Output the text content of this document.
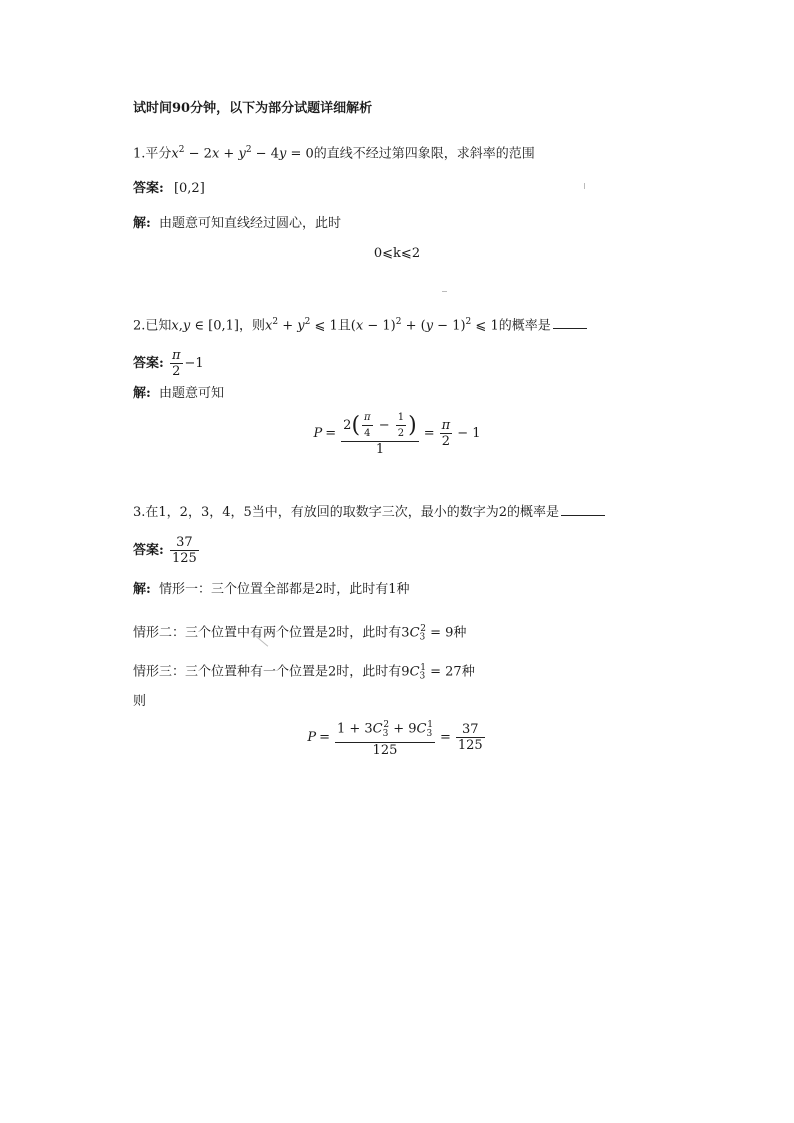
试时间90分钟，以下为部分试题详细解析
1.平分$x^2 - 2x + y^2 - 4y = 0$的直线不经过第四象限，求斜率的范围
答案: [0,2]
解: 由题意可知直线经过圆心，此时
0⩽k⩽2
2.已知x,y ∈ [0,1]，则$x^2 + y^2$ ⩽ 1且$(x - 1)^2 + (y - 1)^2$ ⩽ 1的概率是
答案: $\frac{\pi}{2} -1$
解: 由题意可知
$P = \frac{2( \frac{\pi}{4} - \frac{1}{2} )}{1} = \frac{\pi}{2} - 1$
3.在1，2，3，4，5当中，有放回的取数字三次，最小的数字为2的概率是
答案: $\frac{37}{125}$
解: 情形一：三个位置全部都是2时，此时有1种
情形二：三个位置中有两个位置是2时，此时有$3C_3^2 = 9$种
情形三：三个位置种有一个位置是2时，此时有$9C_3^1 = 27$种
则
$P = \frac{1 + 3C_3^2 + 9C_3^1}{125} = \frac{37}{125}$
